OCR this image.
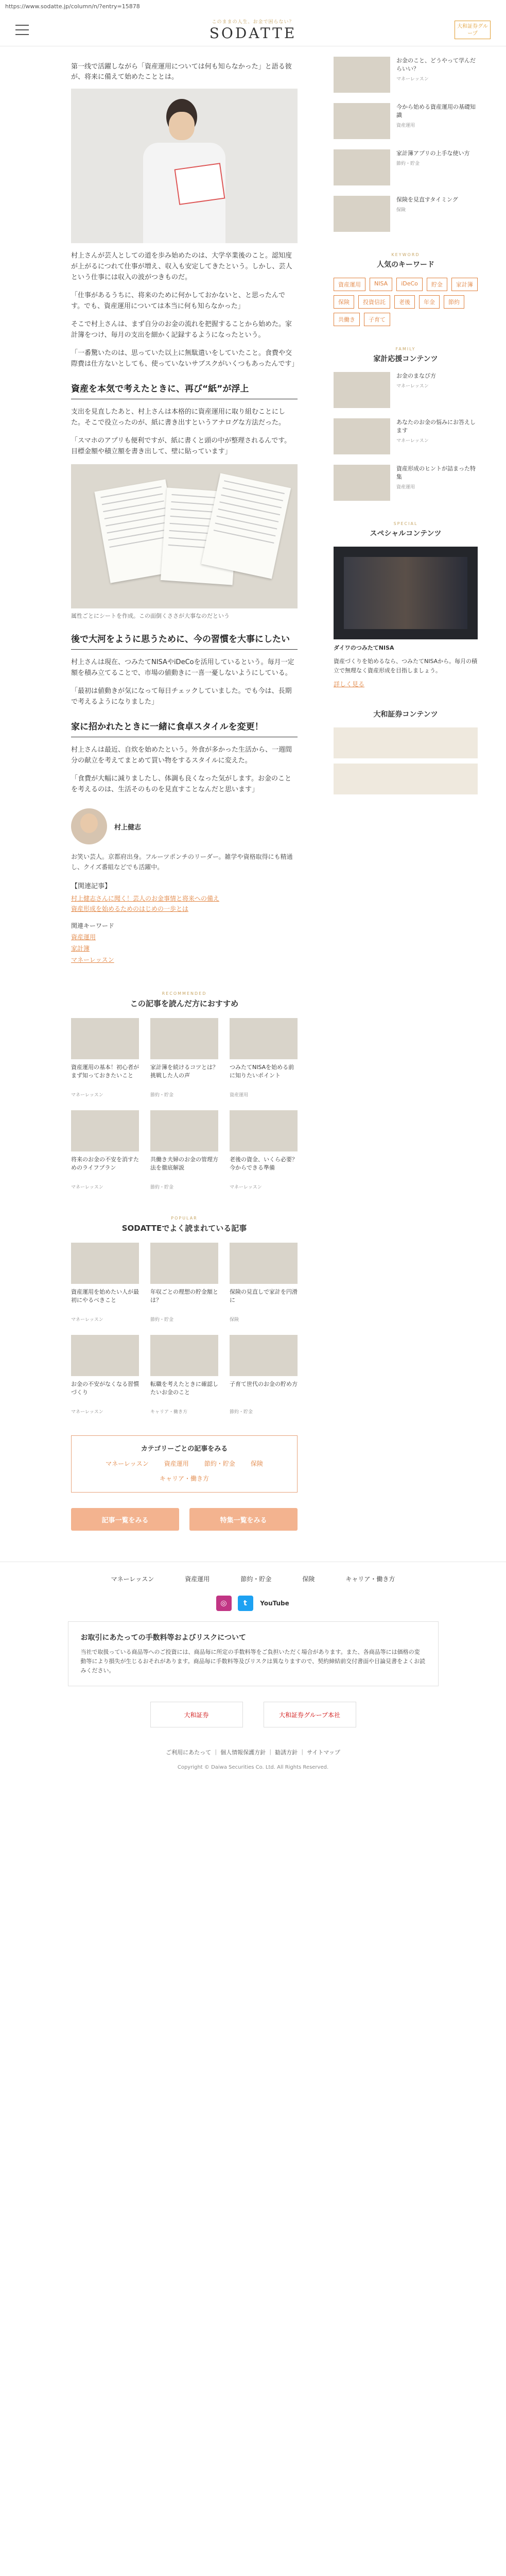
https://www.sodatte.jp/column/n/?entry=15878
このままの人生、お金で困らない？
SODATTE	大和証券グループ

第一线で活躍しながら「資産運用については何も知らなかった」と語る彼が、将来に備えて始めたこととは。

村上さんが芸人としての道を歩み始めたのは、大学卒業後のこと。認知度が上がるにつれて仕事が増え、収入も安定してきたという。しかし、芸人という仕事には収入の波がつきものだ。

「仕事があるうちに、将来のために何かしておかないと、と思ったんです。でも、資産運用については本当に何も知らなかった」

そこで村上さんは、まず自分のお金の流れを把握することから始めた。家計簿をつけ、毎月の支出を細かく記録するようになったという。

「一番驚いたのは、思っていた以上に無駄遣いをしていたこと。食費や交際費は仕方ないとしても、使っていないサブスクがいくつもあったんです」

資産を本気で考えたときに、再び“紙”が浮上

支出を見直したあと、村上さんは本格的に資産運用に取り組むことにした。そこで役立ったのが、紙に書き出すというアナログな方法だった。

「スマホのアプリも便利ですが、紙に書くと頭の中が整理されるんです。目標金額や積立額を書き出して、壁に貼っています」

属性ごとにシートを作成。この面倒くささが大事なのだという
後で大河をように思うために、今の習慣を大事にしたい

村上さんは現在、つみたてNISAやiDeCoを活用しているという。毎月一定額を積み立てることで、市場の値動きに一喜一憂しないようにしている。

「最初は値動きが気になって毎日チェックしていました。でも今は、長期で考えるようになりました」

家に招かれたときに一緒に食卓スタイルを変更！

村上さんは最近、自炊を始めたという。外食が多かった生活から、一週間分の献立を考えてまとめて買い物をするスタイルに変えた。

「食費が大幅に減りましたし、体調も良くなった気がします。お金のことを考えるのは、生活そのものを見直すことなんだと思います」

村上健志

お笑い芸人。京都府出身。フルーツポンチのリーダー。雑学や資格取得にも精通し、クイズ番組などでも活躍中。

【関連記事】
村上健志さんに聞く！芸人のお金事情と将来への備え
資産形成を始めるためのはじめの一歩とは
関連キーワード
資産運用
家計簿
マネーレッスン
RECOMMENDED
この記事を読んだ方におすすめ
資産運用の基本！初心者がまず知っておきたいこと
マネーレッスン
家計簿を続けるコツとは？挑戦した人の声
節約・貯金
つみたてNISAを始める前に知りたいポイント
資産運用
将来のお金の不安を消すためのライフプラン
マネーレッスン
共働き夫婦のお金の管理方法を徹底解説
節約・貯金
老後の資金、いくら必要？今からできる準備
マネーレッスン
POPULAR
SODATTEでよく読まれている記事
資産運用を始めたい人が最初にやるべきこと
マネーレッスン
年収ごとの理想の貯金額とは？
節約・貯金
保険の見直しで家計を円滑に
保険
お金の不安がなくなる習慣づくり
マネーレッスン
転職を考えたときに確認したいお金のこと
キャリア・働き方
子育て世代のお金の貯め方
節約・貯金
カテゴリーごとの記事をみる
マネーレッスン	資産運用	節約・貯金	保険
キャリア・働き方
記事一覧をみる	特集一覧をみる
お金のこと、どうやって学んだらいい？
マネーレッスン
今から始める資産運用の基礎知識
資産運用
家計簿アプリの上手な使い方
節約・貯金
保険を見直すタイミング
保険
KEYWORD
人気のキーワード
資産運用	NISA	iDeCo	貯金	家計簿
保険	投資信託	老後	年金	節約
共働き	子育て
FAMILY
家計応援コンテンツ
お金のまなび方
マネーレッスン
あなたのお金の悩みにお答えします
マネーレッスン
資産形成のヒントが詰まった特集
資産運用
SPECIAL
スペシャルコンテンツ
ダイワのつみたてNISA
資産づくりを始めるなら、つみたてNISAから。毎月の積立で無理なく資産形成を目指しましょう。
詳しく見る
大和証券コンテンツ
マネーレッスン	資産運用	節約・貯金	保険	キャリア・働き方
◎	t	YouTube
お取引にあたっての手数料等およびリスクについて

当社で取扱っている商品等へのご投資には、商品毎に所定の手数料等をご負担いただく場合があります。また、各商品等には価格の変動等により損失が生じるおそれがあります。商品毎に手数料等及びリスクは異なりますので、契約締結前交付書面や目論見書をよくお読みください。

大和証券	大和証券グループ本社
ご利用にあたって ｜ 個人情報保護方針 ｜ 勧誘方針 ｜ サイトマップ
Copyright © Daiwa Securities Co. Ltd. All Rights Reserved.
